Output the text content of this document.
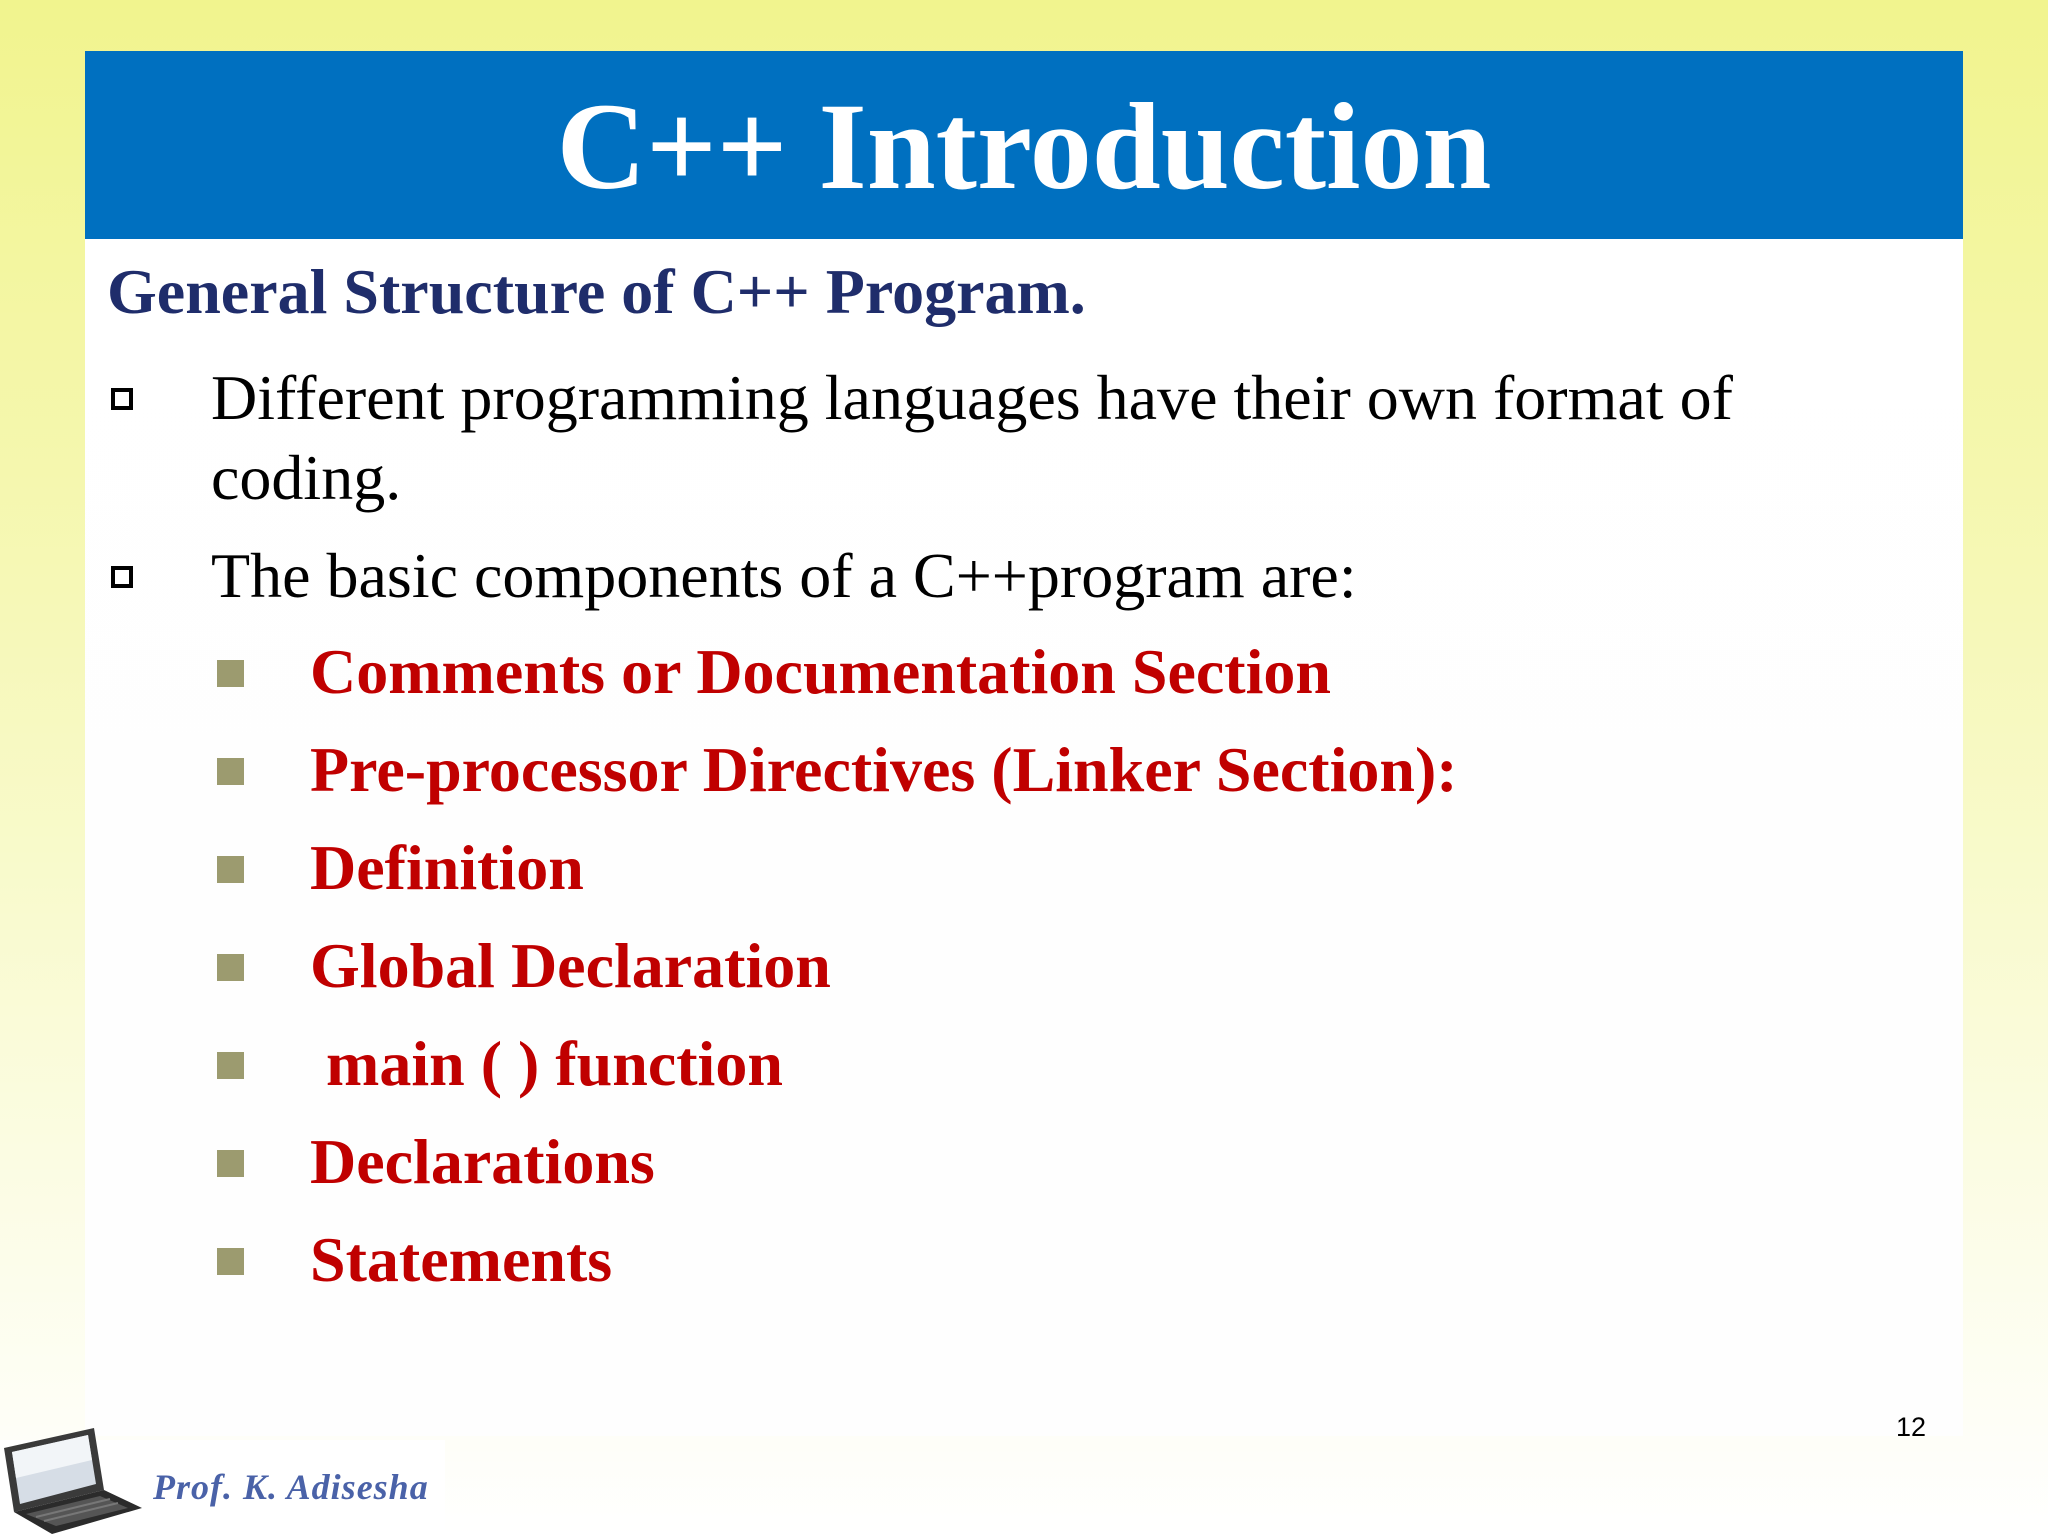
C++ Introduction
General Structure of C++ Program.
Different programming languages have their own format of
coding.
The basic components of a C++program are:
Comments or Documentation Section
Pre-processor Directives (Linker Section):
Definition
Global Declaration
main ( ) function
Declarations
Statements
12
Prof. K. Adisesha
